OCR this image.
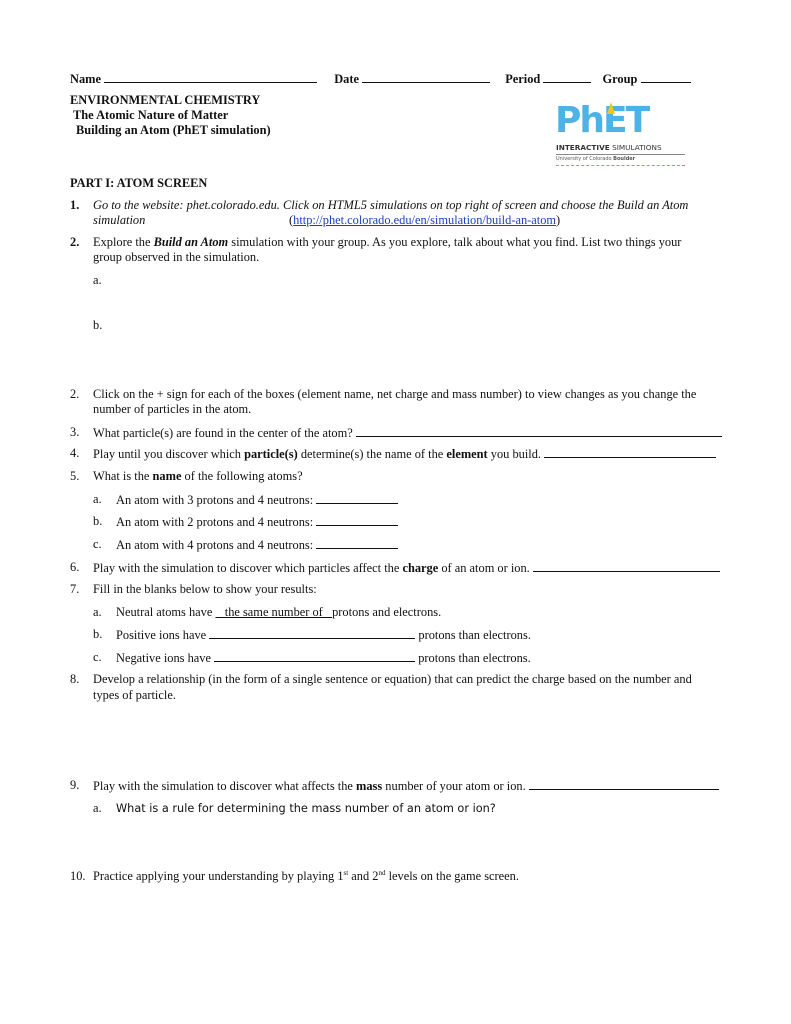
Name	Date	Period	Group
ENVIRONMENTAL CHEMISTRY
The Atomic Nature of Matter
Building an Atom (PhET simulation)	PhET
INTERACTIVE SIMULATIONS
University of Colorado Boulder
PART I: ATOM SCREEN
1. Go to the website: phet.colorado.edu. Click on HTML5 simulations on top right of screen and choose the Build an Atom
simulation	(http://phet.colorado.edu/en/simulation/build-an-atom)
2. Explore the Build an Atom simulation with your group. As you explore, talk about what you find. List two things your
group observed in the simulation.
a.
b.
2. Click on the + sign for each of the boxes (element name, net charge and mass number) to view changes as you change the
number of particles in the atom.
3. What particle(s) are found in the center of the atom?
4. Play until you discover which particle(s) determine(s) the name of the element you build.
5. What is the name of the following atoms?
a. An atom with 3 protons and 4 neutrons:
b. An atom with 2 protons and 4 neutrons:
c. An atom with 4 protons and 4 neutrons:
6. Play with the simulation to discover which particles affect the charge of an atom or ion.
7. Fill in the blanks below to show your results:
a. Neutral atoms have    the same number of   protons and electrons.
b. Positive ions have	protons than electrons.
c. Negative ions have	protons than electrons.
8. Develop a relationship (in the form of a single sentence or equation) that can predict the charge based on the number and
types of particle.
9. Play with the simulation to discover what affects the mass number of your atom or ion.
a. What is a rule for determining the mass number of an atom or ion?
10. Practice applying your understanding by playing 1st and 2nd levels on the game screen.
